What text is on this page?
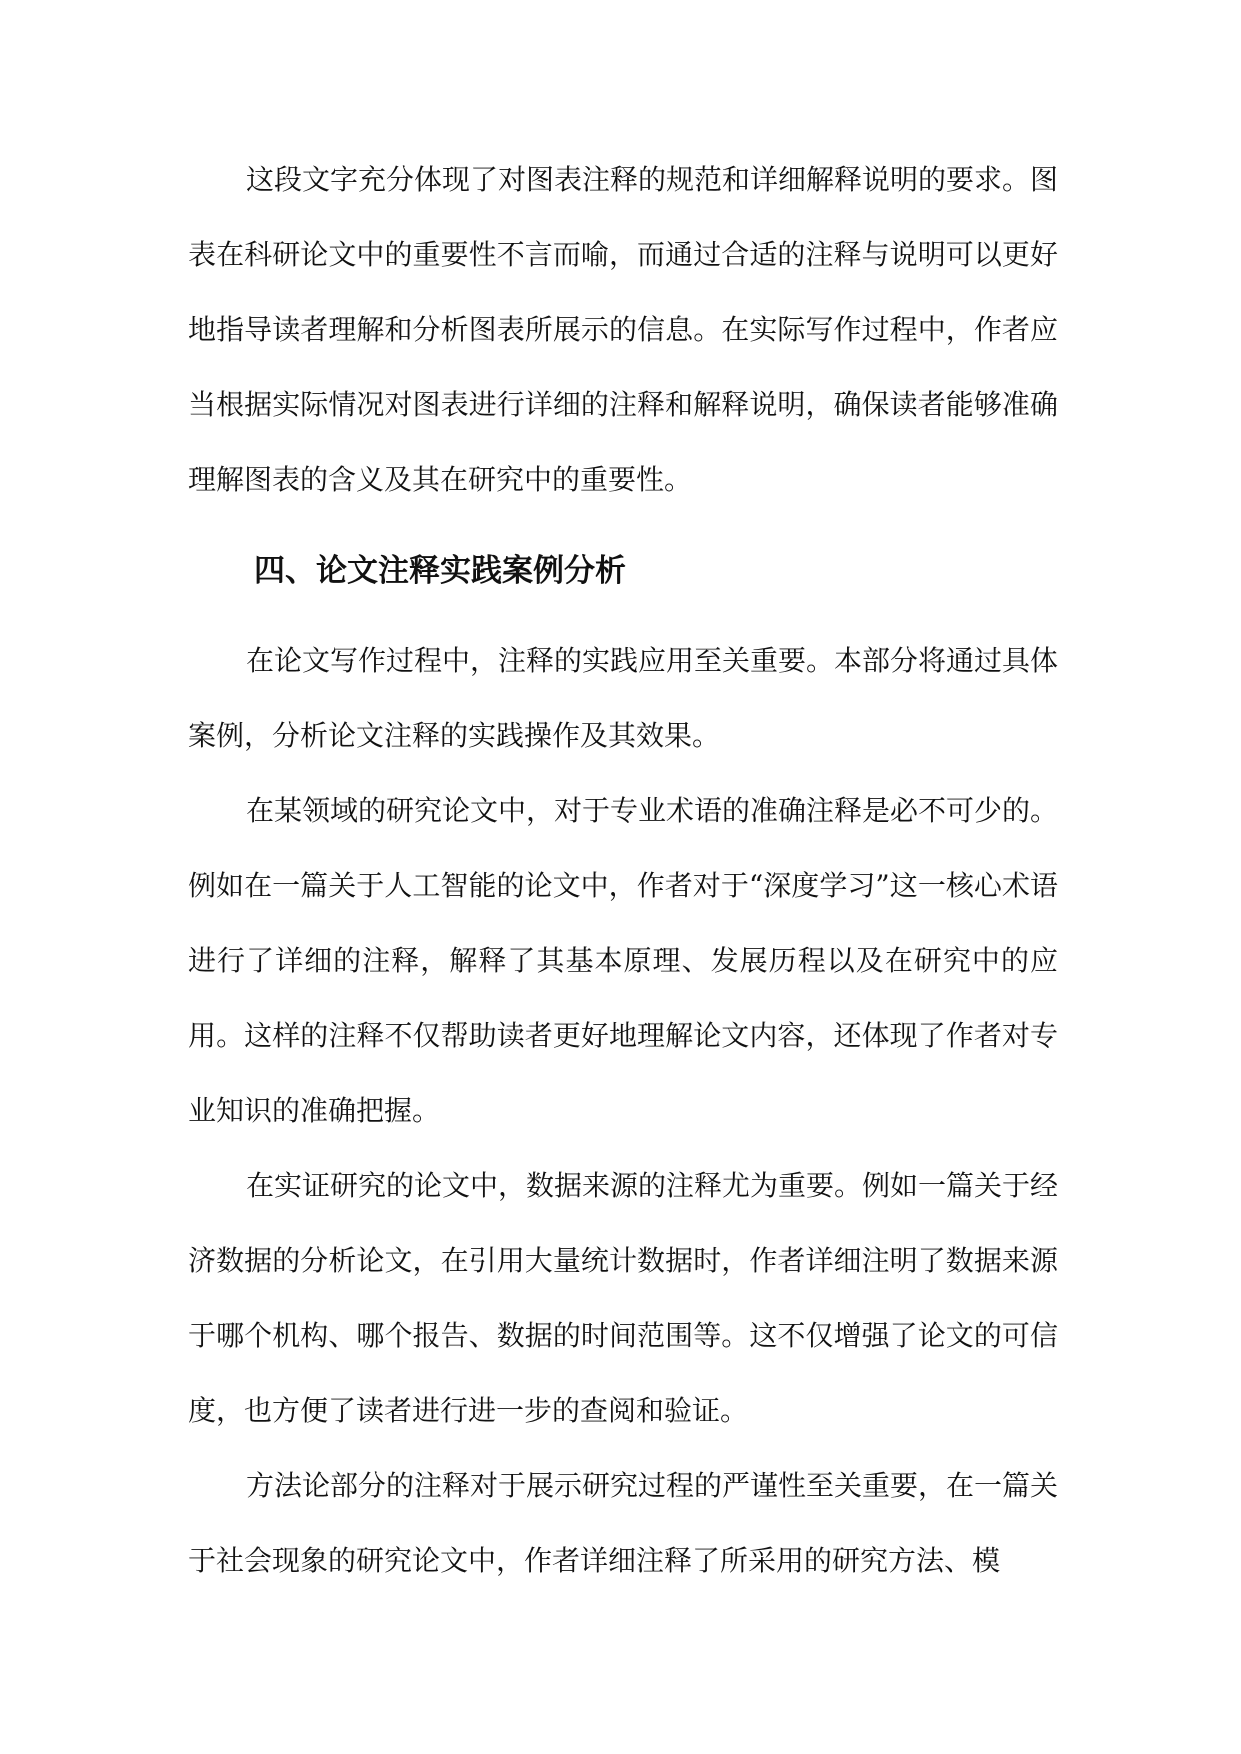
这段文字充分体现了对图表注释的规范和详细解释说明的要求。图表在科研论文中的重要性不言而喻，而通过合适的注释与说明可以更好地指导读者理解和分析图表所展示的信息。在实际写作过程中，作者应当根据实际情况对图表进行详细的注释和解释说明，确保读者能够准确理解图表的含义及其在研究中的重要性。

四、论文注释实践案例分析

在论文写作过程中，注释的实践应用至关重要。本部分将通过具体案例，分析论文注释的实践操作及其效果。

在某领域的研究论文中，对于专业术语的准确注释是必不可少的。例如在一篇关于人工智能的论文中，作者对于“深度学习”这一核心术语进行了详细的注释，解释了其基本原理、发展历程以及在研究中的应用。这样的注释不仅帮助读者更好地理解论文内容，还体现了作者对专业知识的准确把握。

在实证研究的论文中，数据来源的注释尤为重要。例如一篇关于经济数据的分析论文，在引用大量统计数据时，作者详细注明了数据来源于哪个机构、哪个报告、数据的时间范围等。这不仅增强了论文的可信度，也方便了读者进行进一步的查阅和验证。

方法论部分的注释对于展示研究过程的严谨性至关重要，在一篇关于社会现象的研究论文中，作者详细注释了所采用的研究方法、模
